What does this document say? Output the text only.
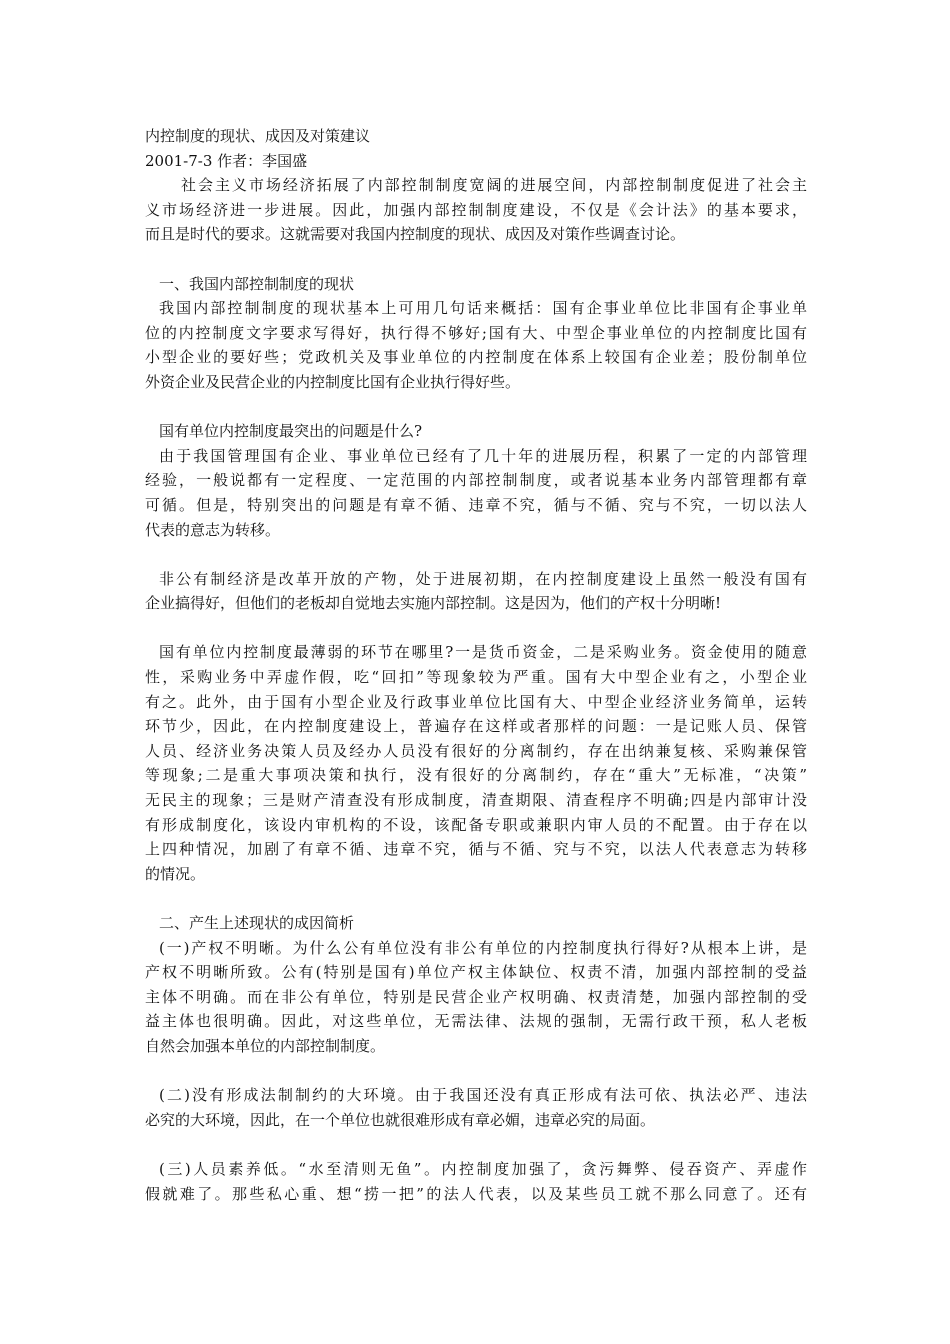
内控制度的现状、成因及对策建议
2001-7-3 作者：李国盛
社会主义市场经济拓展了内部控制制度宽阔的进展空间，内部控制制度促进了社会主
义市场经济进一步进展。因此，加强内部控制制度建设，不仅是《会计法》的基本要求，
而且是时代的要求。这就需要对我国内控制度的现状、成因及对策作些调查讨论。
一、我国内部控制制度的现状
我国内部控制制度的现状基本上可用几句话来概括：国有企事业单位比非国有企事业单
位的内控制度文字要求写得好，执行得不够好;国有大、中型企事业单位的内控制度比国有
小型企业的要好些；党政机关及事业单位的内控制度在体系上较国有企业差；股份制单位
外资企业及民营企业的内控制度比国有企业执行得好些。
国有单位内控制度最突出的问题是什么?
由于我国管理国有企业、事业单位已经有了几十年的进展历程，积累了一定的内部管理
经验，一般说都有一定程度、一定范围的内部控制制度，或者说基本业务内部管理都有章
可循。但是，特别突出的问题是有章不循、违章不究，循与不循、究与不究，一切以法人
代表的意志为转移。
非公有制经济是改革开放的产物，处于进展初期，在内控制度建设上虽然一般没有国有
企业搞得好，但他们的老板却自觉地去实施内部控制。这是因为，他们的产权十分明晰!
国有单位内控制度最薄弱的环节在哪里?一是货币资金，二是采购业务。资金使用的随意
性，采购业务中弄虚作假，吃“回扣”等现象较为严重。国有大中型企业有之，小型企业
有之。此外，由于国有小型企业及行政事业单位比国有大、中型企业经济业务简单，运转
环节少，因此，在内控制度建设上，普遍存在这样或者那样的问题：一是记账人员、保管
人员、经济业务决策人员及经办人员没有很好的分离制约，存在出纳兼复核、采购兼保管
等现象;二是重大事项决策和执行，没有很好的分离制约，存在“重大”无标准，“决策”
无民主的现象；三是财产清查没有形成制度，清查期限、清查程序不明确;四是内部审计没
有形成制度化，该设内审机构的不设，该配备专职或兼职内审人员的不配置。由于存在以
上四种情况，加剧了有章不循、违章不究，循与不循、究与不究，以法人代表意志为转移
的情况。
二、产生上述现状的成因简析
(一)产权不明晰。为什么公有单位没有非公有单位的内控制度执行得好?从根本上讲，是
产权不明晰所致。公有(特别是国有)单位产权主体缺位、权责不清，加强内部控制的受益
主体不明确。而在非公有单位，特别是民营企业产权明确、权责清楚，加强内部控制的受
益主体也很明确。因此，对这些单位，无需法律、法规的强制，无需行政干预，私人老板
自然会加强本单位的内部控制制度。
(二)没有形成法制制约的大环境。由于我国还没有真正形成有法可依、执法必严、违法
必究的大环境，因此，在一个单位也就很难形成有章必媚，违章必究的局面。
(三)人员素养低。“水至清则无鱼”。内控制度加强了，贪污舞弊、侵吞资产、弄虚作
假就难了。那些私心重、想“捞一把”的法人代表，以及某些员工就不那么同意了。还有
